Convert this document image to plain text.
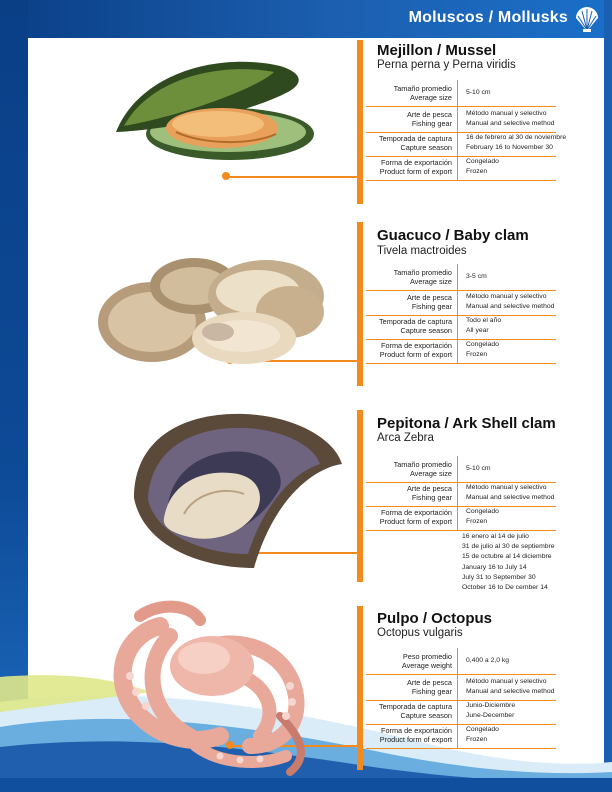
Moluscos / Mollusks
Mejillon / Mussel
Perna perna y Perna viridis
Tamaño promedio
Average size
5-10 cm
Arte de pesca
Fishing gear
Método manual y selectivo
Manual and selective method
Temporada de captura
Capture season
16 de febrero al 30 de noviembre
February 16 to November 30
Forma de exportación
Product form of export
Congelado
Frozen
Guacuco / Baby clam
Tivela mactroides
Tamaño promedio
Average size
3-5 cm
Arte de pesca
Fishing gear
Método manual y selectivo
Manual and selective method
Temporada de captura
Capture season
Todo el año
All year
Forma de exportación
Product form of export
Congelado
Frozen
Pepitona / Ark Shell clam
Arca Zebra
Tamaño promedio
Average size
5-10 cm
Arte de pesca
Fishing gear
Método manual y selectivo
Manual and selective method
Forma de exportación
Product form of export
Congelado
Frozen
16 enero al 14 de julio
31 de julio al 30 de septiembre
15 de octubre al 14 diciembre
January 16 to July 14
July 31 to September 30
October 16 to De cember 14
Pulpo / Octopus
Octopus vulgaris
Peso promedio
Average weight
0,400 a 2,0 kg
Arte de pesca
Fishing gear
Método manual y selectivo
Manual and selective method
Temporada de captura
Capture season
Junio-Diciembre
June-December
Forma de exportación
Product form of export
Congelado
Frozen
